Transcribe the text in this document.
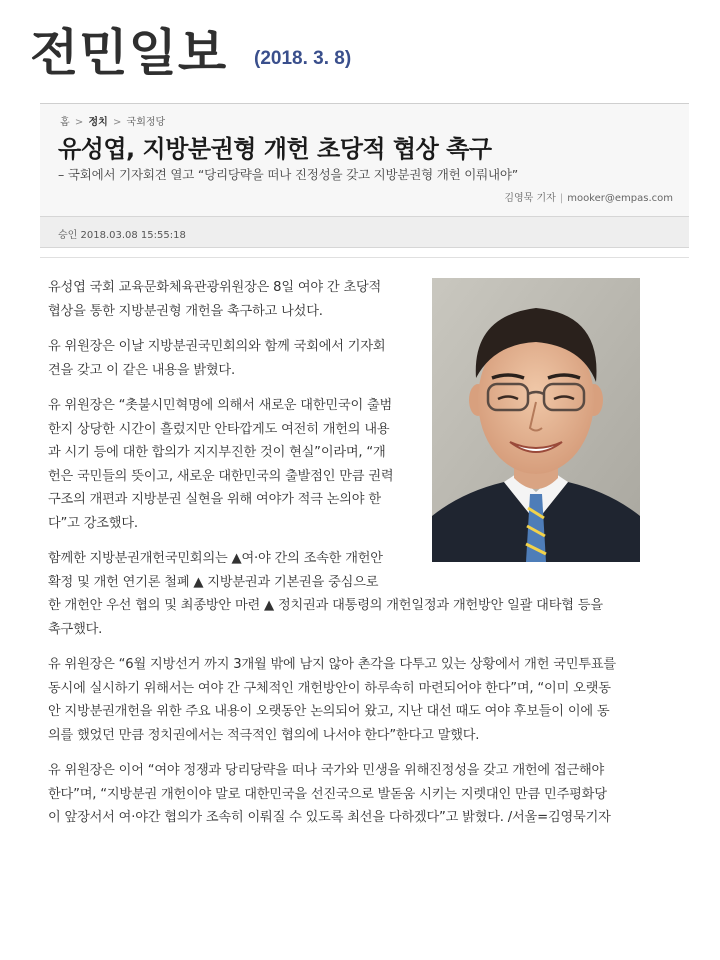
전민일보 (2018. 3. 8)
홈 > 정치 > 국회정당
유성엽, 지방분권형 개헌 초당적 협상 촉구
– 국회에서 기자회견 열고 “당리당략을 떠나 진정성을 갖고 지방분권형 개헌 이뤄내야”
김영묵 기자 | mooker@empas.com
승인 2018.03.08 15:55:18

유성엽 국회 교육문화체육관광위원장은 8일 여야 간 초당적
협상을 통한 지방분권형 개헌을 촉구하고 나섰다.

유 위원장은 이날 지방분권국민회의와 함께 국회에서 기자회
견을 갖고 이 같은 내용을 밝혔다.

유 위원장은 “촛불시민혁명에 의해서 새로운 대한민국이 출범
한지 상당한 시간이 흘렀지만 안타깝게도 여전히 개헌의 내용
과 시기 등에 대한 합의가 지지부진한 것이 현실”이라며, “개
헌은 국민들의 뜻이고, 새로운 대한민국의 출발점인 만큼 권력
구조의 개편과 지방분권 실현을 위해 여야가 적극 논의야 한
다”고 강조했다.

함께한 지방분권개헌국민회의는 ▲여·야 간의 조속한 개헌안
확정 및 개헌 연기론 철폐 ▲ 지방분권과 기본권을 중심으로
한 개헌안 우선 협의 및 최종방안 마련 ▲ 정치권과 대통령의 개헌일정과 개헌방안 일괄 대타협 등을
촉구했다.

유 위원장은 “6월 지방선거 까지 3개월 밖에 남지 않아 촌각을 다투고 있는 상황에서 개헌 국민투표를
동시에 실시하기 위해서는 여야 간 구체적인 개헌방안이 하루속히 마련되어야 한다”며, “이미 오랫동
안 지방분권개헌을 위한 주요 내용이 오랫동안 논의되어 왔고, 지난 대선 때도 여야 후보들이 이에 동
의를 했었던 만큼 정치권에서는 적극적인 협의에 나서야 한다”한다고 말했다.

유 위원장은 이어 “여야 정쟁과 당리당략을 떠나 국가와 민생을 위해진정성을 갖고 개헌에 접근해야
한다”며, “지방분권 개헌이야 말로 대한민국을 선진국으로 발돋움 시키는 지렛대인 만큼 민주평화당
이 앞장서서 여·야간 협의가 조속히 이뤄질 수 있도록 최선을 다하겠다”고 밝혔다. /서울=김영묵기자
